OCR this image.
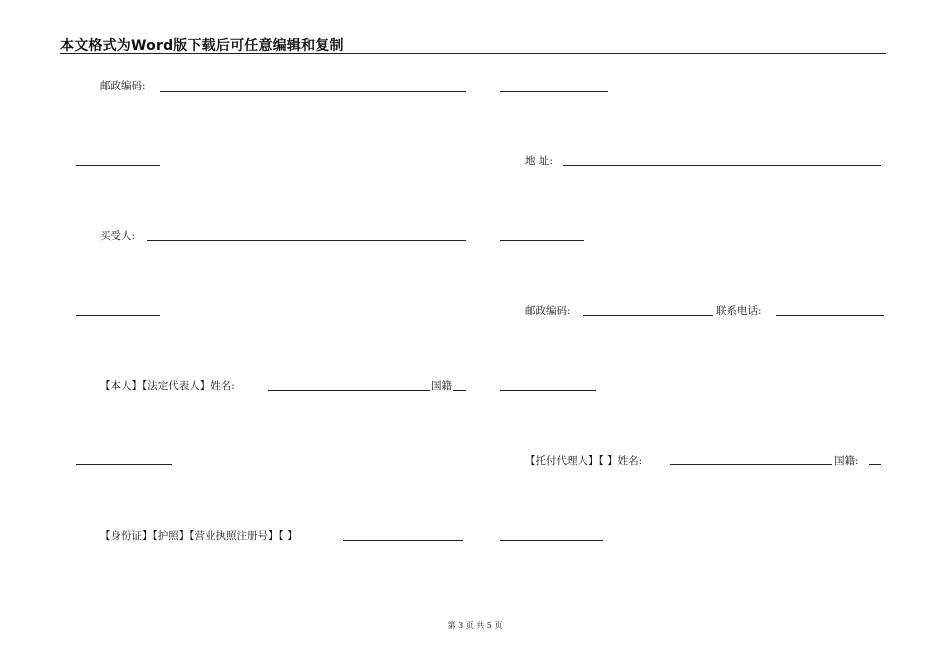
本文格式为Word版下载后可任意编辑和复制
邮政编码:
地 址:
买受人:
邮政编码:	联系电话:
【本人】【法定代表人】姓名:	国籍
【托付代理人】【 】姓名:	国籍:
【身份证】【护照】【营业执照注册号】【 】
第 3 页 共 5 页
